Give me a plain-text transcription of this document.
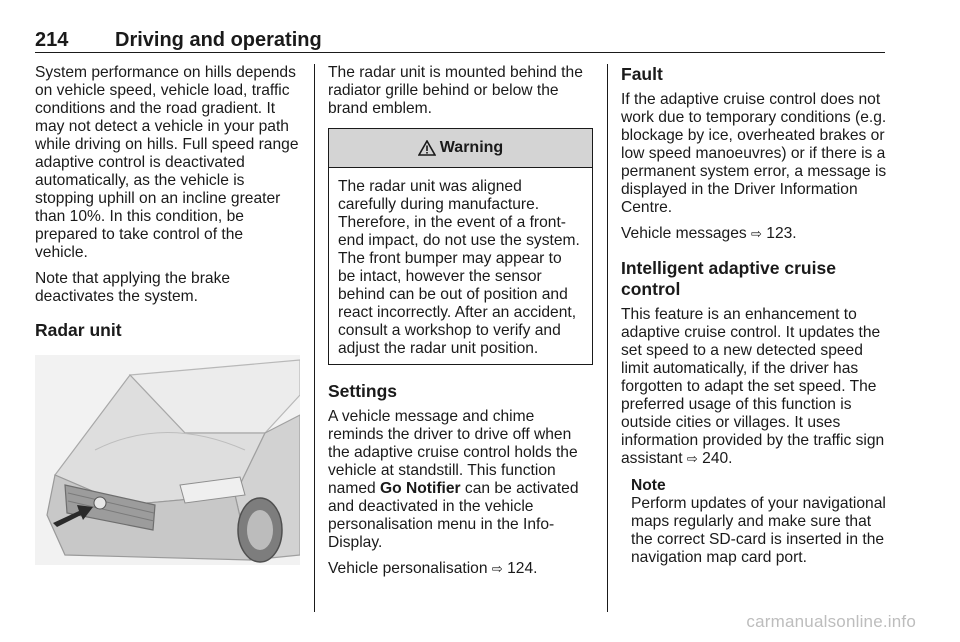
214 Driving and operating

System performance on hills depends on vehicle speed, vehicle load, traffic conditions and the road gradient. It may not detect a vehicle in your path while driving on hills. Full speed range adaptive control is deactivated automatically, as the vehicle is stopping uphill on an incline greater than 10%. In this condition, be prepared to take control of the vehicle.

Note that applying the brake deactivates the system.

Radar unit

The radar unit is mounted behind the radiator grille behind or below the brand emblem.

Warning

The radar unit was aligned carefully during manufacture. Therefore, in the event of a front-end impact, do not use the system. The front bumper may appear to be intact, however the sensor behind can be out of position and react incorrectly. After an accident, consult a workshop to verify and adjust the radar unit position.

Settings

A vehicle message and chime reminds the driver to drive off when the adaptive cruise control holds the vehicle at standstill. This function named Go Notifier can be activated and deactivated in the vehicle personalisation menu in the Info-Display.

Vehicle personalisation ⇨ 124.

Fault

If the adaptive cruise control does not work due to temporary conditions (e.g. blockage by ice, overheated brakes or low speed manoeuvres) or if there is a permanent system error, a message is displayed in the Driver Information Centre.

Vehicle messages ⇨ 123.

Intelligent adaptive cruise control

This feature is an enhancement to adaptive cruise control. It updates the set speed to a new detected speed limit automatically, if the driver has forgotten to adapt the set speed. The preferred usage of this function is outside cities or villages. It uses information provided by the traffic sign assistant ⇨ 240.

Note

Perform updates of your navigational maps regularly and make sure that the correct SD-card is inserted in the navigation map card port.

carmanualsonline.info
